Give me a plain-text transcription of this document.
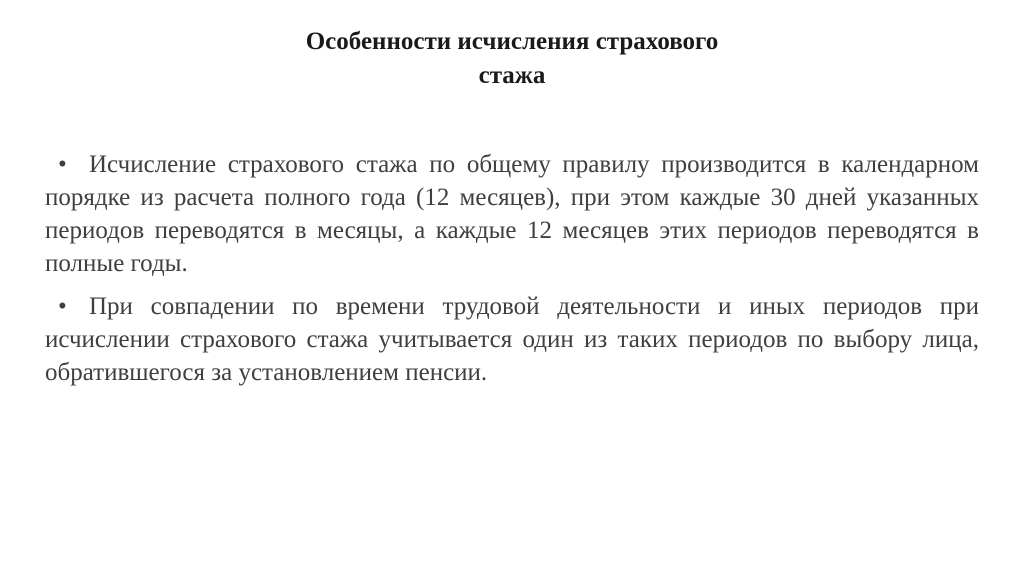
Особенности исчисления страхового
стажа
• Исчисление страхового стажа по общему правилу производится в календарном порядке из расчета полного года (12 месяцев), при этом каждые 30 дней указанных периодов переводятся в месяцы, а каждые 12 месяцев этих периодов переводятся в полные годы.
• При совпадении по времени трудовой деятельности и иных периодов при исчислении страхового стажа учитывается один из таких периодов по выбору лица, обратившегося за установлением пенсии.
